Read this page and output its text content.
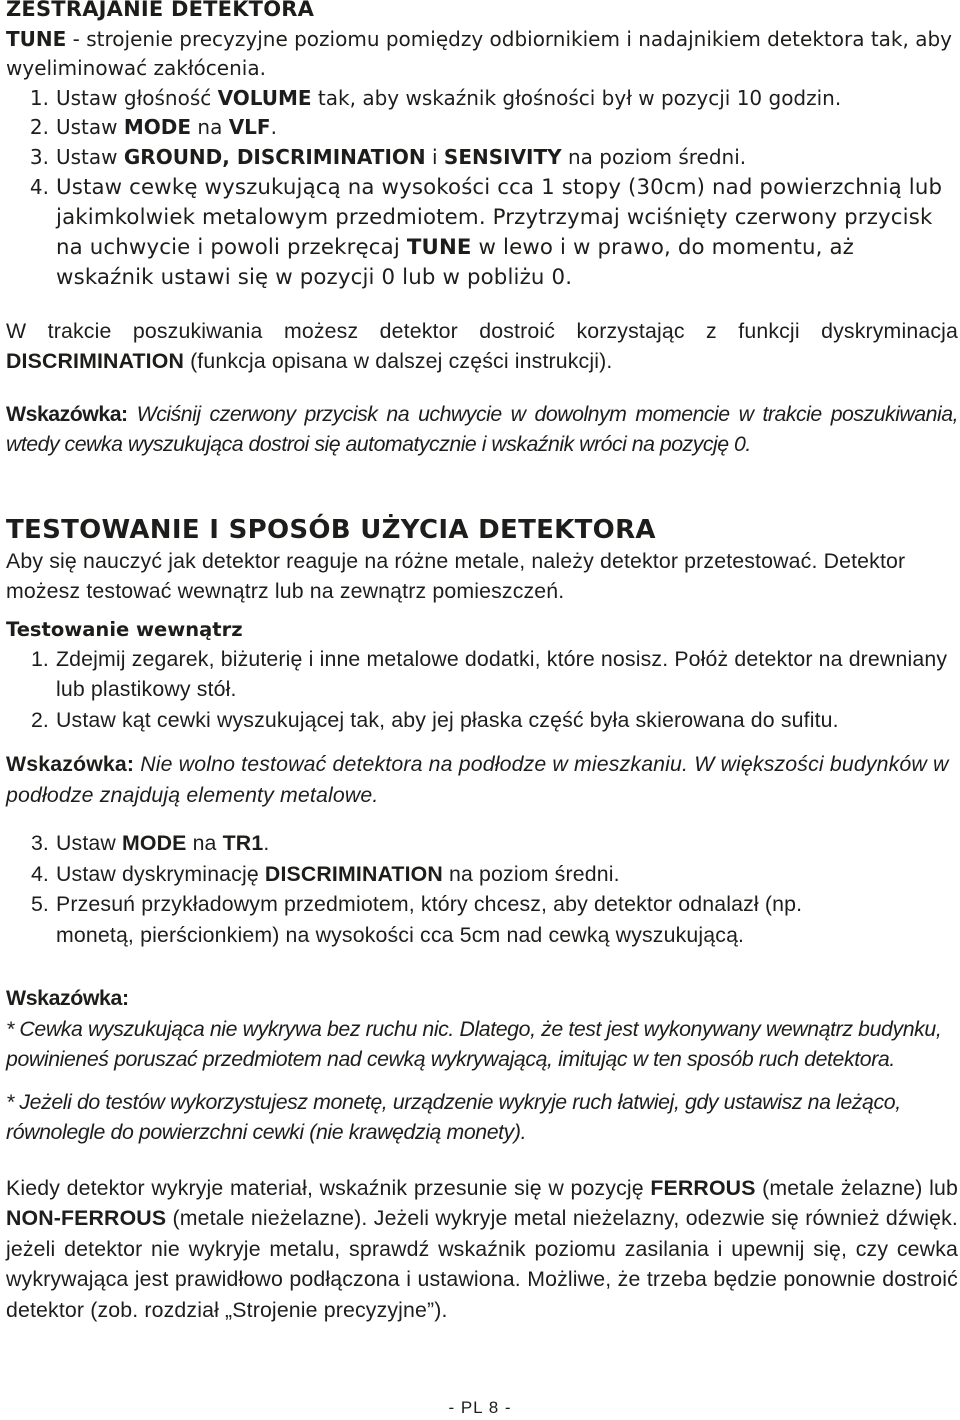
ZESTRAJANIE DETEKTORA
TUNE - strojenie precyzyjne poziomu pomiędzy odbiornikiem i nadajnikiem detektora tak, aby wyeliminować zakłócenia.
1. Ustaw głośność VOLUME tak, aby wskaźnik głośności był w pozycji 10 godzin.
2. Ustaw MODE na VLF.
3. Ustaw GROUND, DISCRIMINATION i SENSIVITY na poziom średni.
4. Ustaw cewkę wyszukującą na wysokości cca 1 stopy (30cm) nad powierzchnią lub jakimkolwiek metalowym przedmiotem. Przytrzymaj wciśnięty czerwony przycisk na uchwycie i powoli przekręcaj TUNE w lewo i w prawo, do momentu, aż wskaźnik ustawi się w pozycji 0 lub w pobliżu 0.
W trakcie poszukiwania możesz detektor dostroić korzystając z funkcji dyskryminacja DISCRIMINATION (funkcja opisana w dalszej części instrukcji).
Wskazówka: Wciśnij czerwony przycisk na uchwycie w dowolnym momencie w trakcie poszukiwania, wtedy cewka wyszukująca dostroi się automatycznie i wskaźnik wróci na pozycję 0.
TESTOWANIE I SPOSÓB UŻYCIA DETEKTORA
Aby się nauczyć jak detektor reaguje na różne metale, należy detektor przetestować. Detektor możesz testować wewnątrz lub na zewnątrz pomieszczeń.
Testowanie wewnątrz
1. Zdejmij zegarek, biżuterię i inne metalowe dodatki, które nosisz. Połóż detektor na drewniany lub plastikowy stół.
2. Ustaw kąt cewki wyszukującej tak, aby jej płaska część była skierowana do sufitu.
Wskazówka: Nie wolno testować detektora na podłodze w mieszkaniu. W większości budynków w podłodze znajdują elementy metalowe.
3. Ustaw MODE na TR1.
4. Ustaw dyskryminację DISCRIMINATION na poziom średni.
5. Przesuń przykładowym przedmiotem, który chcesz, aby detektor odnalazł (np. monetą, pierścionkiem) na wysokości cca 5cm nad cewką wyszukującą.
Wskazówka:
* Cewka wyszukująca nie wykrywa bez ruchu nic. Dlatego, że test jest wykonywany wewnątrz budynku, powinieneś poruszać przedmiotem nad cewką wykrywającą, imitując w ten sposób ruch detektora.
* Jeżeli do testów wykorzystujesz monetę, urządzenie wykryje ruch łatwiej, gdy ustawisz na leżąco, równolegle do powierzchni cewki (nie krawędzią monety).
Kiedy detektor wykryje materiał, wskaźnik przesunie się w pozycję FERROUS (metale żelazne) lub NON-FERROUS (metale nieżelazne). Jeżeli wykryje metal nieżelazny, odezwie się również dźwięk. jeżeli detektor nie wykryje metalu, sprawdź wskaźnik poziomu zasilania i upewnij się, czy cewka wykrywająca jest prawidłowo podłączona i ustawiona. Możliwe, że trzeba będzie ponownie dostroić detektor (zob. rozdział „Strojenie precyzyjne”).
- PL 8 -
